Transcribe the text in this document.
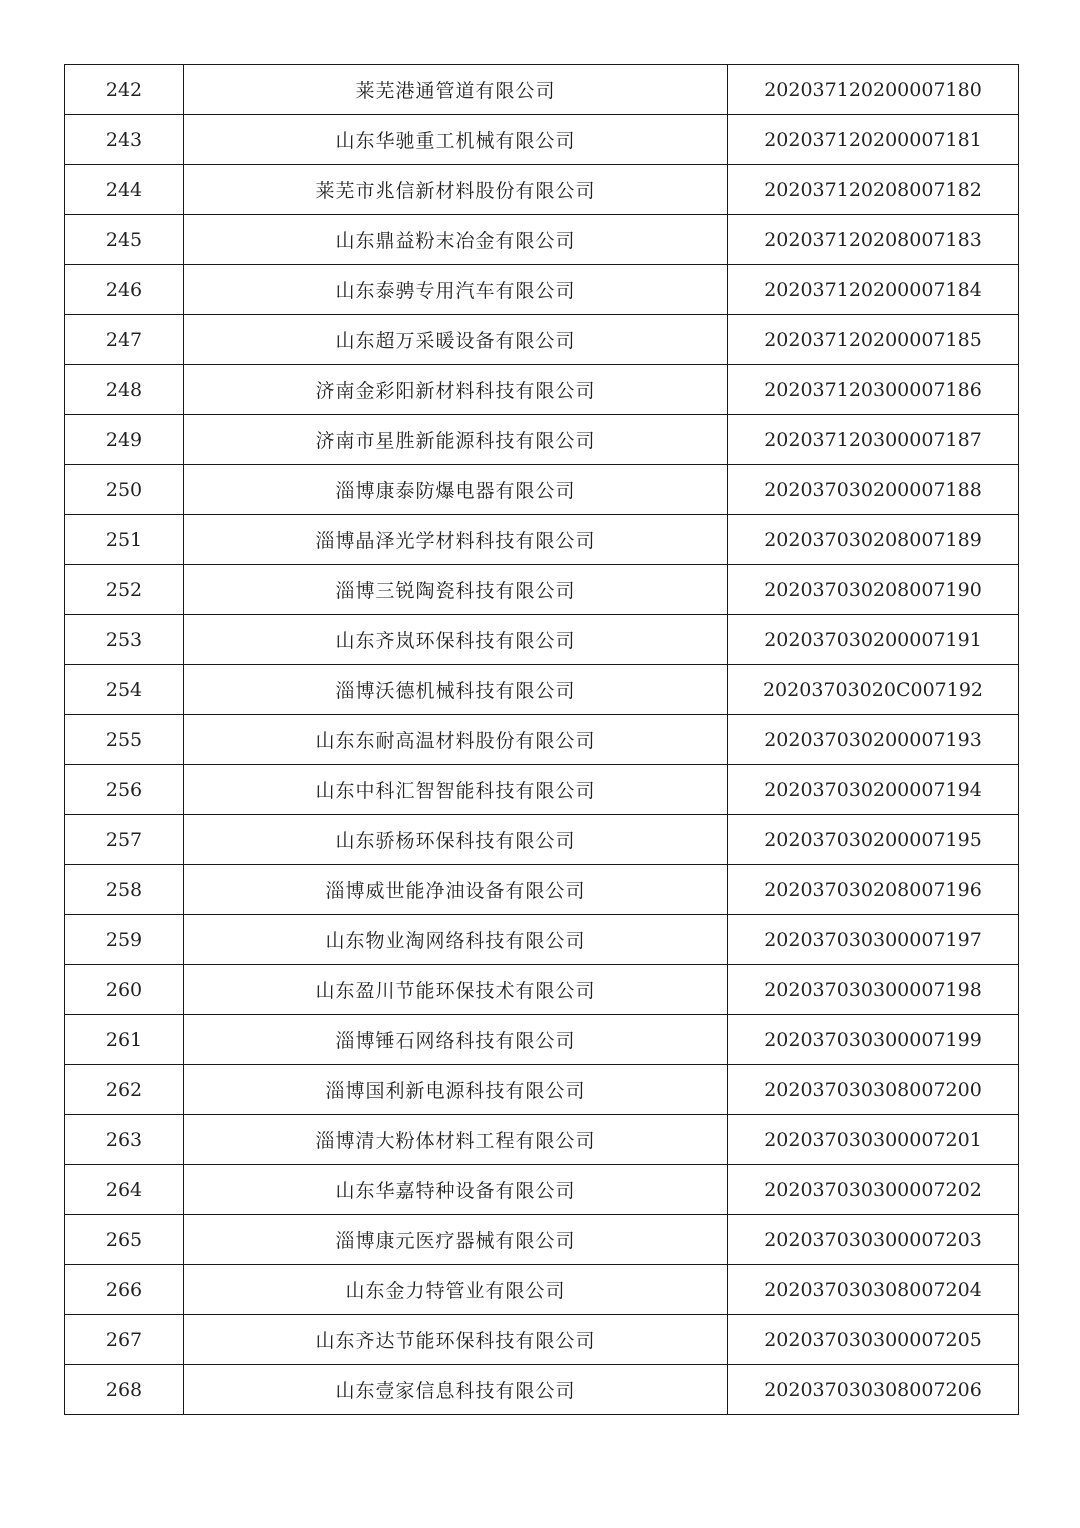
242	莱芜港通管道有限公司	202037120200007180
243	山东华驰重工机械有限公司	202037120200007181
244	莱芜市兆信新材料股份有限公司	202037120208007182
245	山东鼎益粉末冶金有限公司	202037120208007183
246	山东泰骋专用汽车有限公司	202037120200007184
247	山东超万采暖设备有限公司	202037120200007185
248	济南金彩阳新材料科技有限公司	202037120300007186
249	济南市星胜新能源科技有限公司	202037120300007187
250	淄博康泰防爆电器有限公司	202037030200007188
251	淄博晶泽光学材料科技有限公司	202037030208007189
252	淄博三锐陶瓷科技有限公司	202037030208007190
253	山东齐岚环保科技有限公司	202037030200007191
254	淄博沃德机械科技有限公司	20203703020C007192
255	山东东耐高温材料股份有限公司	202037030200007193
256	山东中科汇智智能科技有限公司	202037030200007194
257	山东骄杨环保科技有限公司	202037030200007195
258	淄博威世能净油设备有限公司	202037030208007196
259	山东物业淘网络科技有限公司	202037030300007197
260	山东盈川节能环保技术有限公司	202037030300007198
261	淄博锤石网络科技有限公司	202037030300007199
262	淄博国利新电源科技有限公司	202037030308007200
263	淄博清大粉体材料工程有限公司	202037030300007201
264	山东华嘉特种设备有限公司	202037030300007202
265	淄博康元医疗器械有限公司	202037030300007203
266	山东金力特管业有限公司	202037030308007204
267	山东齐达节能环保科技有限公司	202037030300007205
268	山东壹家信息科技有限公司	202037030308007206
